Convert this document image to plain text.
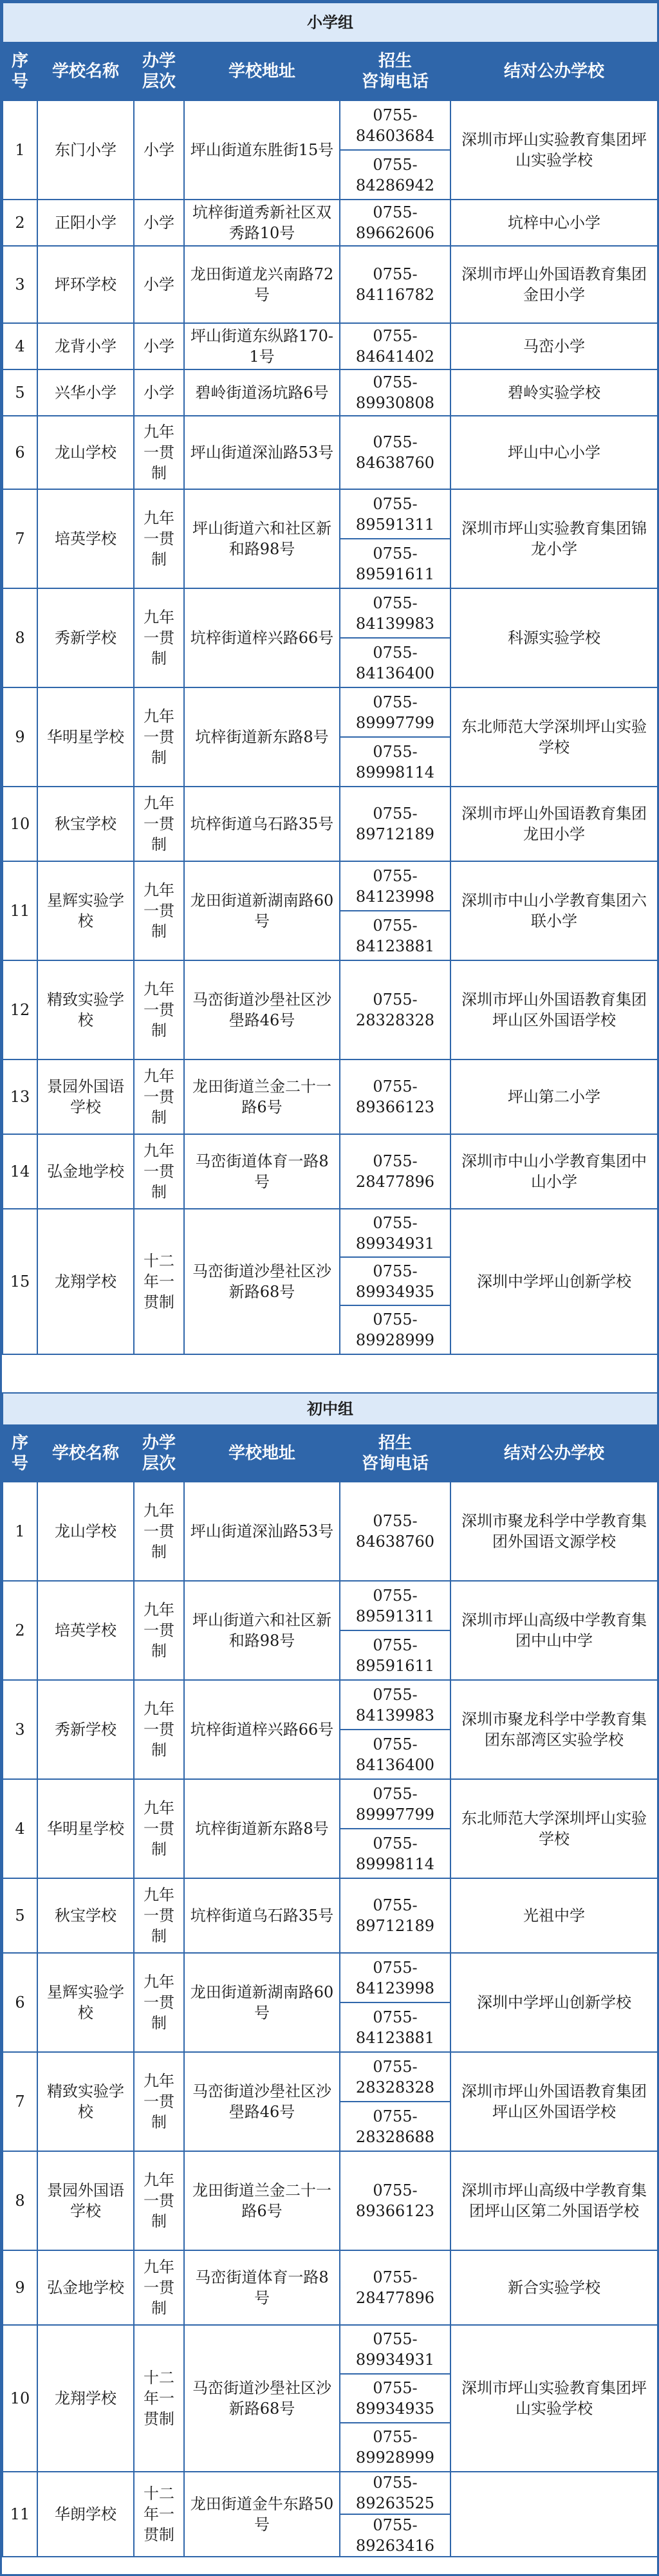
小学组					
序
号	学校名称	办学
层次	学校地址	招生
咨询电话	结对公办学校
1	东门小学	小学	坪山街道东胜街15号	0755-84603684	深圳市坪山实验教育集团坪山实验学校
				0755-84286942	
2	正阳小学	小学	坑梓街道秀新社区双秀路10号	0755-89662606	坑梓中心小学
3	坪环学校	小学	龙田街道龙兴南路72号	0755-84116782	深圳市坪山外国语教育集团金田小学
4	龙背小学	小学	坪山街道东纵路170-1号	0755-84641402	马峦小学
5	兴华小学	小学	碧岭街道汤坑路6号	0755-89930808	碧岭实验学校
6	龙山学校	九年一贯制	坪山街道深汕路53号	0755-84638760	坪山中心小学
7	培英学校	九年一贯制	坪山街道六和社区新和路98号	0755-89591311	深圳市坪山实验教育集团锦龙小学
				0755-89591611	
8	秀新学校	九年一贯制	坑梓街道梓兴路66号	0755-84139983	科源实验学校
				0755-84136400	
9	华明星学校	九年一贯制	坑梓街道新东路8号	0755-89997799	东北师范大学深圳坪山实验学校
				0755-89998114	
10	秋宝学校	九年一贯制	坑梓街道乌石路35号	0755-89712189	深圳市坪山外国语教育集团龙田小学
11	星辉实验学校	九年一贯制	龙田街道新湖南路60号	0755-84123998	深圳市中山小学教育集团六联小学
				0755-84123881	
12	精致实验学校	九年一贯制	马峦街道沙壆社区沙壆路46号	0755-28328328	深圳市坪山外国语教育集团坪山区外国语学校
13	景园外国语学校	九年一贯制	龙田街道兰金二十一路6号	0755-89366123	坪山第二小学
14	弘金地学校	九年一贯制	马峦街道体育一路8号	0755-28477896	深圳市中山小学教育集团中山小学
15	龙翔学校	十二年一贯制	马峦街道沙壆社区沙新路68号	0755-89934931	深圳中学坪山创新学校
				0755-89934935	
				0755-89928999	
初中组					
序
号	学校名称	办学
层次	学校地址	招生
咨询电话	结对公办学校
1	龙山学校	九年一贯制	坪山街道深汕路53号	0755-84638760	深圳市聚龙科学中学教育集团外国语文源学校
2	培英学校	九年一贯制	坪山街道六和社区新和路98号	0755-89591311	深圳市坪山高级中学教育集团中山中学
				0755-89591611	
3	秀新学校	九年一贯制	坑梓街道梓兴路66号	0755-84139983	深圳市聚龙科学中学教育集团东部湾区实验学校
				0755-84136400	
4	华明星学校	九年一贯制	坑梓街道新东路8号	0755-89997799	东北师范大学深圳坪山实验学校
				0755-89998114	
5	秋宝学校	九年一贯制	坑梓街道乌石路35号	0755-89712189	光祖中学
6	星辉实验学校	九年一贯制	龙田街道新湖南路60号	0755-84123998	深圳中学坪山创新学校
				0755-84123881	
7	精致实验学校	九年一贯制	马峦街道沙壆社区沙壆路46号	0755-28328328	深圳市坪山外国语教育集团坪山区外国语学校
				0755-28328688	
8	景园外国语学校	九年一贯制	龙田街道兰金二十一路6号	0755-89366123	深圳市坪山高级中学教育集团坪山区第二外国语学校
9	弘金地学校	九年一贯制	马峦街道体育一路8号	0755-28477896	新合实验学校
10	龙翔学校	十二年一贯制	马峦街道沙壆社区沙新路68号	0755-89934931	深圳市坪山实验教育集团坪山实验学校
				0755-89934935	
				0755-89928999	
11	华朗学校	十二年一贯制	龙田街道金牛东路50号	0755-89263525	
				0755-89263416	
